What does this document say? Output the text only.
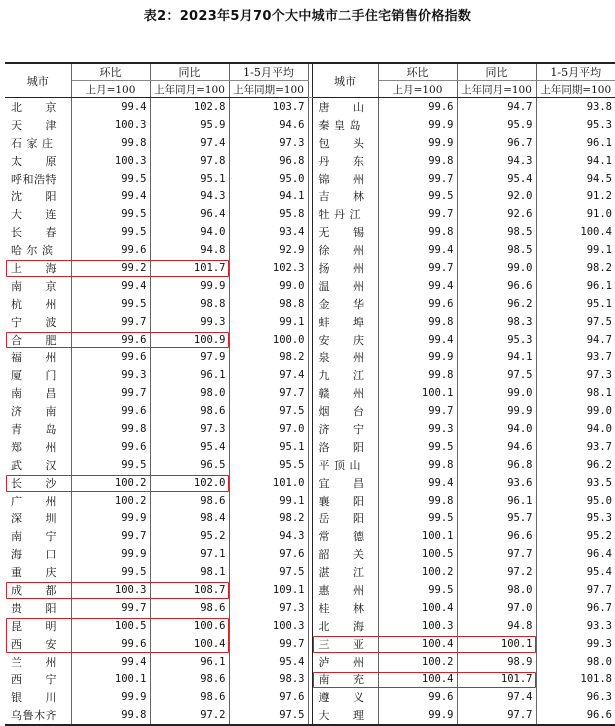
表2：2023年5月70个大中城市二手住宅销售价格指数
城市	环比	同比	1-5月平均		城市	环比	同比	1-5月平均
	上月=100	上年同月=100	上年同期=100			上月=100	上年同月=100	上年同期=100
北　　京	99.4	102.8	103.7		唐　　山	99.6	94.7	93.8
天　　津	100.3	95.9	94.6		秦 皇 岛	99.9	95.9	95.3
石 家 庄	99.8	97.4	97.3		包　　头	99.9	96.7	96.1
太　　原	100.3	97.8	96.8		丹　　东	99.8	94.3	94.1
呼和浩特	99.5	95.1	95.0		锦　　州	99.7	95.4	94.5
沈　　阳	99.4	94.3	94.1		吉　　林	99.5	92.0	91.2
大　　连	99.5	96.4	95.8		牡 丹 江	99.7	92.6	91.0
长　　春	99.5	94.0	93.4		无　　锡	99.8	98.5	100.4
哈 尔 滨	99.6	94.8	92.9		徐　　州	99.4	98.5	99.1
上　　海	99.2	101.7	102.3		扬　　州	99.7	99.0	98.2
南　　京	99.4	99.9	99.0		温　　州	99.4	96.6	96.1
杭　　州	99.5	98.8	98.8		金　　华	99.6	96.2	95.1
宁　　波	99.7	99.3	99.1		蚌　　埠	99.8	98.3	97.5
合　　肥	99.6	100.9	100.0		安　　庆	99.4	95.3	94.7
福　　州	99.6	97.9	98.2		泉　　州	99.9	94.1	93.7
厦　　门	99.3	96.1	97.4		九　　江	99.8	97.5	97.3
南　　昌	99.7	98.0	97.7		赣　　州	100.1	99.0	98.1
济　　南	99.6	98.6	97.5		烟　　台	99.7	99.9	99.0
青　　岛	99.8	97.3	97.0		济　　宁	99.3	94.0	94.0
郑　　州	99.6	95.4	95.1		洛　　阳	99.5	94.6	93.7
武　　汉	99.5	96.5	95.5		平 顶 山	99.8	96.8	96.2
长　　沙	100.2	102.0	101.0		宜　　昌	99.4	93.6	93.5
广　　州	100.2	98.6	99.1		襄　　阳	99.8	96.1	95.0
深　　圳	99.9	98.4	98.2		岳　　阳	99.5	95.7	95.3
南　　宁	99.7	95.2	94.3		常　　德	100.1	96.6	95.2
海　　口	99.9	97.1	97.6		韶　　关	100.5	97.7	96.4
重　　庆	99.5	98.1	97.5		湛　　江	100.2	97.2	95.4
成　　都	100.3	108.7	109.1		惠　　州	99.5	98.0	97.7
贵　　阳	99.7	98.6	97.3		桂　　林	100.4	97.0	96.7
昆　　明	100.5	100.6	100.3		北　　海	100.3	94.8	93.3
西　　安	99.6	100.4	99.7		三　　亚	100.4	100.1	99.3
兰　　州	99.4	96.1	95.4		泸　　州	100.2	98.9	98.0
西　　宁	100.1	98.6	98.3		南　　充	100.4	101.7	101.8
银　　川	99.9	98.6	97.6		遵　　义	99.6	97.4	96.3
乌鲁木齐	99.8	97.2	97.5		大　　理	99.9	97.7	96.6
